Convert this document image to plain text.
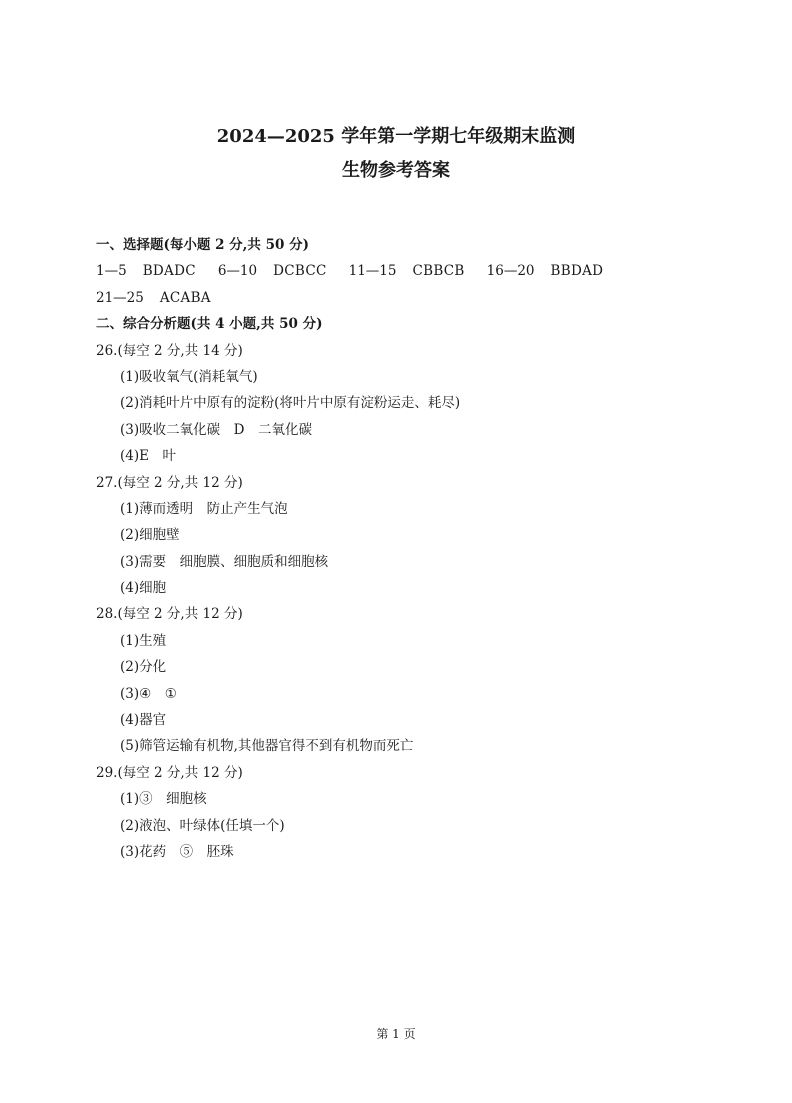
2024—2025 学年第一学期七年级期末监测
生物参考答案
一、选择题(每小题 2 分,共 50 分)
1—5 BDADC 6—10 DCBCC 11—15 CBBCB 16—20 BBDAD
21—25 ACABA
二、综合分析题(共 4 小题,共 50 分)
26.(每空 2 分,共 14 分)
(1)吸收氧气(消耗氧气)
(2)消耗叶片中原有的淀粉(将叶片中原有淀粉运走、耗尽)
(3)吸收二氧化碳　D　二氧化碳
(4)E　叶
27.(每空 2 分,共 12 分)
(1)薄而透明　防止产生气泡
(2)细胞壁
(3)需要　细胞膜、细胞质和细胞核
(4)细胞
28.(每空 2 分,共 12 分)
(1)生殖
(2)分化
(3)④　①
(4)器官
(5)筛管运输有机物,其他器官得不到有机物而死亡
29.(每空 2 分,共 12 分)
(1)③　细胞核
(2)液泡、叶绿体(任填一个)
(3)花药　⑤　胚珠
第 1 页
